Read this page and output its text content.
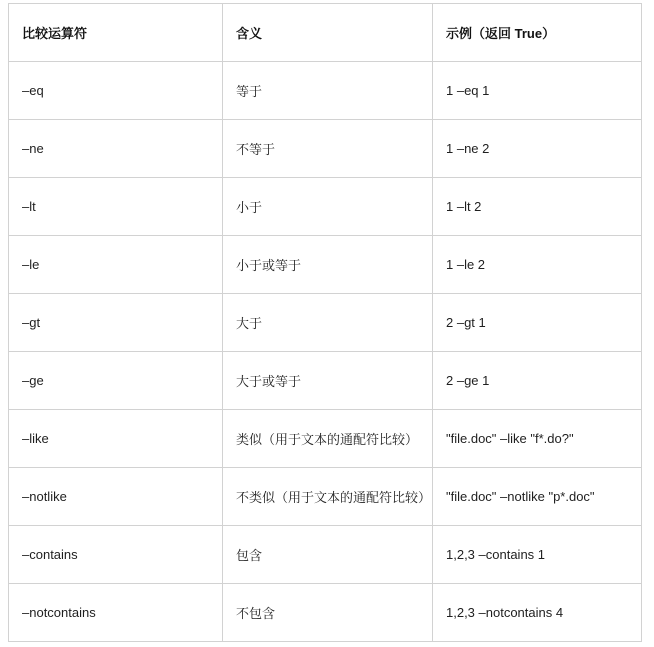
比较运算符	含义	示例（返回 True）
–eq	等于	1 –eq 1
–ne	不等于	1 –ne 2
–lt	小于	1 –lt 2
–le	小于或等于	1 –le 2
–gt	大于	2 –gt 1
–ge	大于或等于	2 –ge 1
–like	类似（用于文本的通配符比较）	"file.doc" –like "f*.do?"
–notlike	不类似（用于文本的通配符比较）	"file.doc" –notlike "p*.doc"
–contains	包含	1,2,3 –contains 1
–notcontains	不包含	1,2,3 –notcontains 4
